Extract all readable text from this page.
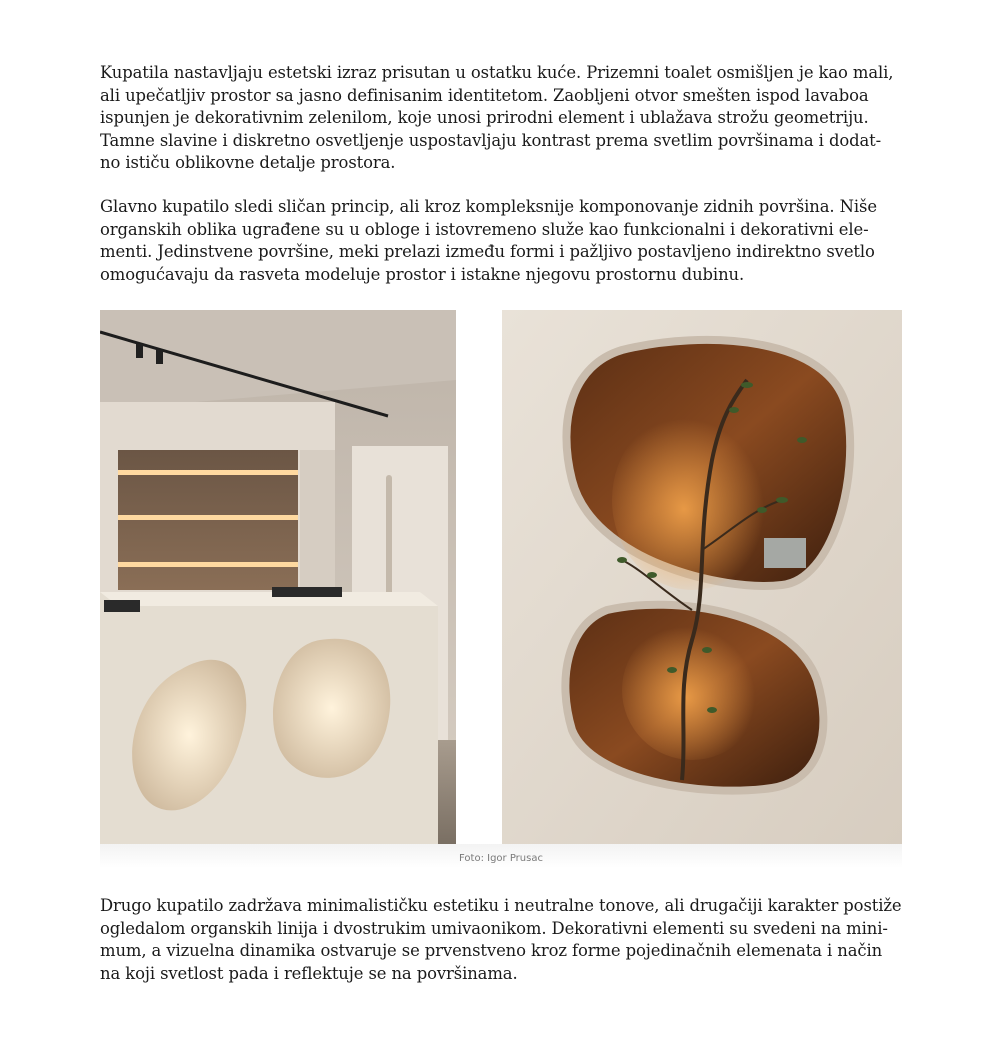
Kupatila nastavljaju estetski izraz prisutan u ostatku kuće. Prizemni toalet osmišljen je kao mali,
ali upečatljiv prostor sa jasno definisanim identitetom. Zaobljeni otvor smešten ispod lavaboa
ispunjen je dekorativnim zelenilom, koje unosi prirodni element i ublažava strožu geometriju.
Tamne slavine i diskretno osvetljenje uspostavljaju kontrast prema svetlim površinama i dodat-
no ističu oblikovne detalje prostora.

Glavno kupatilo sledi sličan princip, ali kroz kompleksnije komponovanje zidnih površina. Niše
organskih oblika ugrađene su u obloge i istovremeno služe kao funkcionalni i dekorativni ele-
menti. Jedinstvene površine, meki prelazi između formi i pažljivo postavljeno indirektno svetlo
omogućavaju da rasveta modeluje prostor i istakne njegovu prostornu dubinu.

Foto: Igor Prusac

Drugo kupatilo zadržava minimalističku estetiku i neutralne tonove, ali drugačiji karakter postiže
ogledalom organskih linija i dvostrukim umivaonikom. Dekorativni elementi su svedeni na mini-
mum, a vizuelna dinamika ostvaruje se prvenstveno kroz forme pojedinačnih elemenata i način
na koji svetlost pada i reflektuje se na površinama.
